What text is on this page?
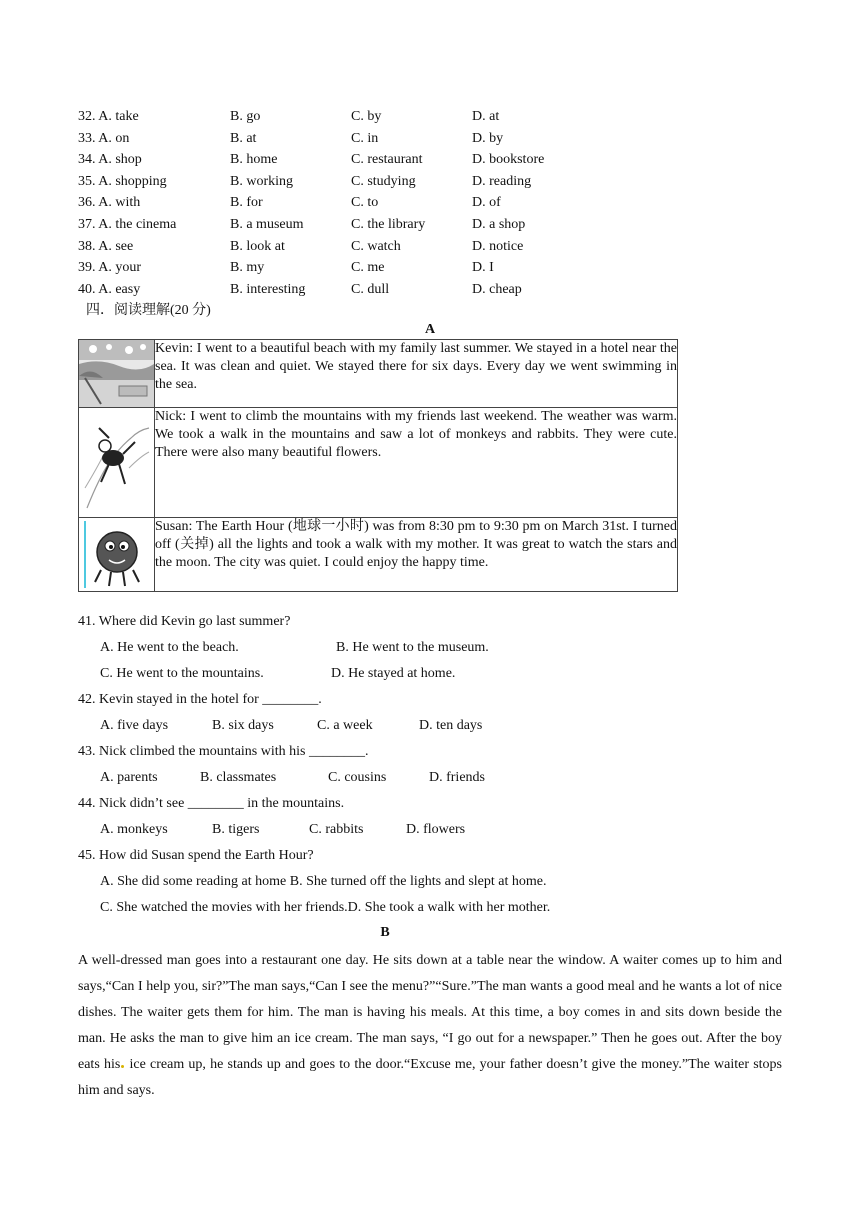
32. A. take	B. go	C. by	D. at
33. A. on	B. at	C. in	D. by
34. A. shop	B. home	C. restaurant	D. bookstore
35. A. shopping	B. working	C. studying	D. reading
36. A. with	B. for	C. to	D. of
37. A. the cinema	B. a museum	C. the library	D. a shop
38. A. see	B. look at	C. watch	D. notice
39. A. your	B. my	C. me	D. I
40. A. easy	B. interesting	C. dull	D. cheap
四．阅读理解(20 分)
A
	Kevin: I went to a beautiful beach with my family last summer. We stayed in a hotel near the sea. It was clean and quiet. We stayed there for six days. Every day we went swimming in the sea.

	Nick: I went to climb the mountains with my friends last weekend. The weather was warm. We took a walk in the mountains and saw a lot of monkeys and rabbits. They were cute. There were also many beautiful flowers.

	Susan: The Earth Hour (地球一小时) was from 8:30 pm to 9:30 pm on March 31st. I turned off (关掉) all the lights and took a walk with my mother. It was great to watch the stars and the moon. The city was quiet. I could enjoy the happy time.
41. Where did Kevin go last summer?
A. He went to the beach.	B. He went to the museum.
C. He went to the mountains.	D. He stayed at home.
42. Kevin stayed in the hotel for ________.
A. five days	B. six days	C. a week	D. ten days
43. Nick climbed the mountains with his ________.
A. parents	B. classmates	C. cousins	D. friends
44. Nick didn’t see ________ in the mountains.
A. monkeys	B. tigers	C. rabbits	D. flowers
45. How did Susan spend the Earth Hour?
A. She did some reading at home B. She turned off the lights and slept at home.
C. She watched the movies with her friends.D. She took a walk with her mother.
B
A well-dressed man goes into a restaurant one day. He sits down at a table near the window. A waiter comes up to him and says,“Can I help you, sir?”The man says,“Can I see the menu?”“Sure.”The man wants a good meal and he wants a lot of nice dishes. The waiter gets them for him. The man is having his meals. At this time, a boy comes in and sits down beside the man. He asks the man to give him an ice cream. The man says, “I go out for a newspaper.” Then he goes out. After the boy eats his ice cream up, he stands up and goes to the door.“Excuse me, your father doesn’t give the money.”The waiter stops him and says.
